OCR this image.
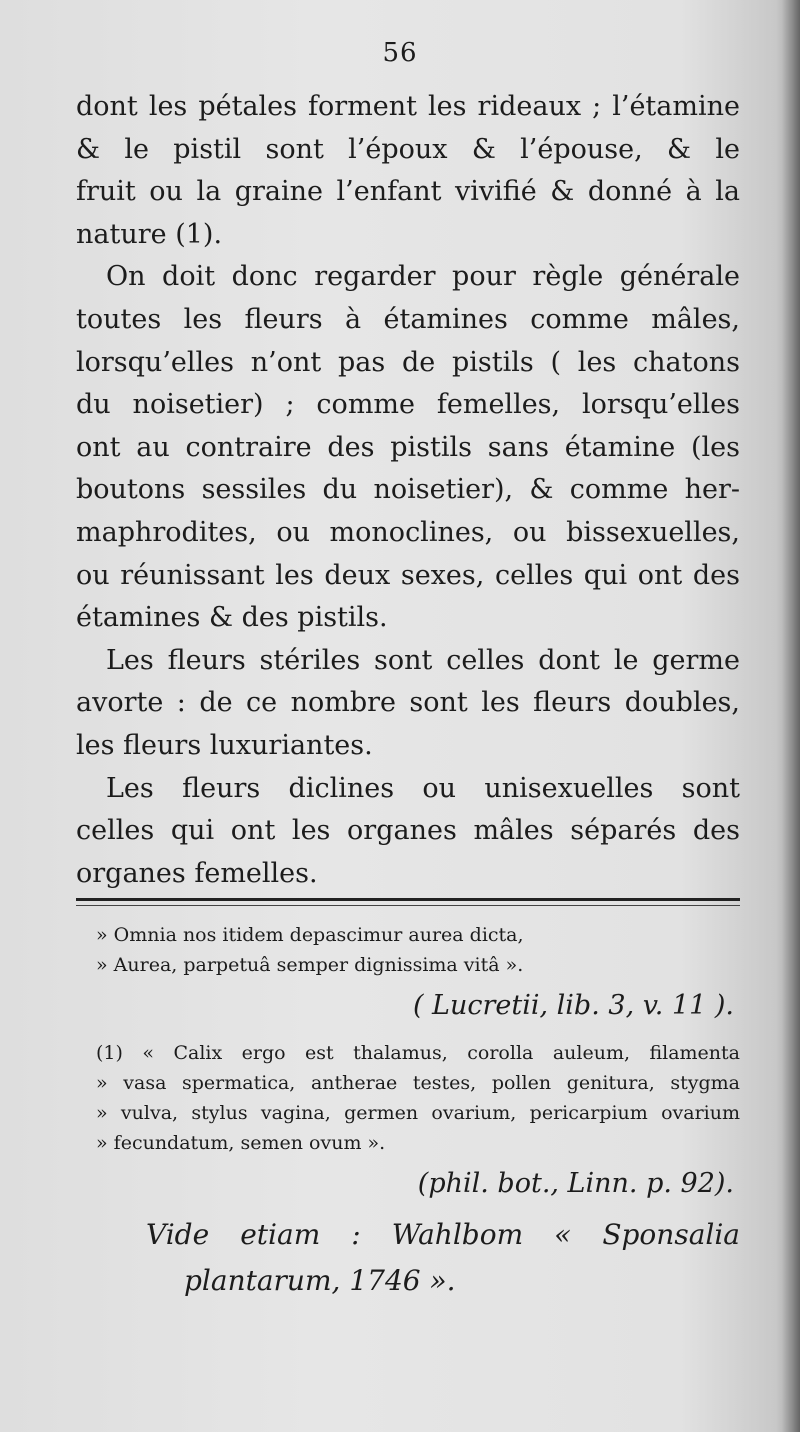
56

dont les pétales forment les rideaux ; l’étamine
& le pistil sont l’époux & l’épouse, & le
fruit ou la graine l’enfant vivifié & donné à la
nature (1).

On doit donc regarder pour règle générale
toutes les fleurs à étamines comme mâles,
lorsqu’elles n’ont pas de pistils ( les chatons
du noisetier) ; comme femelles, lorsqu’elles
ont au contraire des pistils sans étamine (les
boutons sessiles du noisetier), & comme her-
maphrodites, ou monoclines, ou bissexuelles,
ou réunissant les deux sexes, celles qui ont des
étamines & des pistils.

Les fleurs stériles sont celles dont le germe
avorte : de ce nombre sont les fleurs doubles,
les fleurs luxuriantes.

Les fleurs diclines ou unisexuelles sont
celles qui ont les organes mâles séparés des
organes femelles.

» Omnia nos itidem depascimur aurea dicta,
» Aurea, parpetuâ semper dignissima vitâ ».
( Lucretii, lib. 3, v. 11 ).
(1) « Calix ergo est thalamus, corolla auleum, filamenta
» vasa spermatica, antherae testes, pollen genitura, stygma
» vulva, stylus vagina, germen ovarium, pericarpium ovarium
» fecundatum, semen ovum ».
(phil. bot., Linn. p. 92).
Vide etiam : Wahlbom « Sponsalia
plantarum, 1746 ».
